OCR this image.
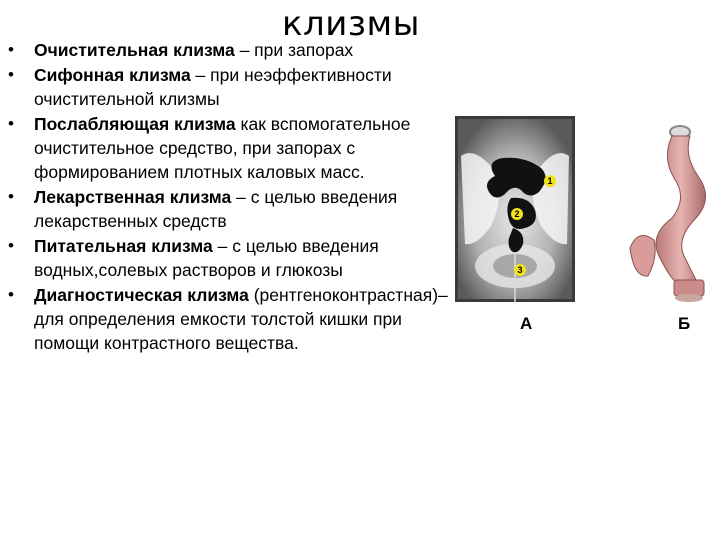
клизмы
• Очистительная клизма – при запорах
• Сифонная клизма – при неэффективности очистительной клизмы
• Послабляющая клизма как вспомогательное очистительное средство, при запорах с формированием плотных каловых масс.
• Лекарственная клизма – с целью введения лекарственных средств
• Питательная клизма – с целью введения водных,солевых растворов и глюкозы
• Диагностическая клизма (рентгеноконтрастная)– для определения емкости толстой кишки при помощи контрастного вещества.
1
2
3
А	Б
